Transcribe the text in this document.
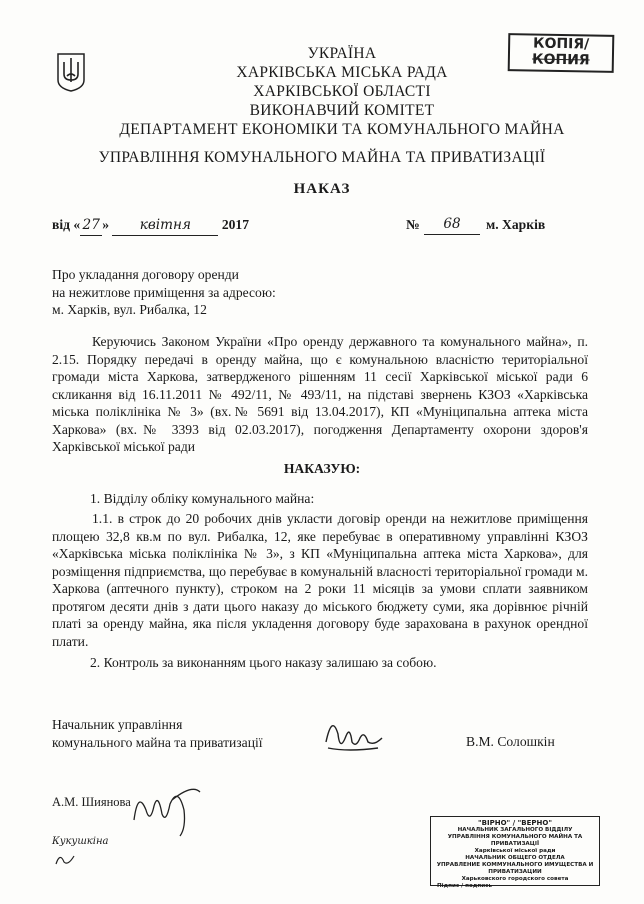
КОПІЯ/
КОПИЯ
УКРАЇНА
ХАРКІВСЬКА МІСЬКА РАДА
ХАРКІВСЬКОЇ ОБЛАСТІ
ВИКОНАВЧИЙ КОМІТЕТ
ДЕПАРТАМЕНТ ЕКОНОМІКИ ТА КОМУНАЛЬНОГО МАЙНА
УПРАВЛІННЯ КОМУНАЛЬНОГО МАЙНА ТА ПРИВАТИЗАЦІЇ
НАКАЗ
від « 27 » квітня 2017	№	68	м. Харків
Про укладання договору оренди
на нежитлове приміщення за адресою:
м. Харків, вул. Рибалка, 12
Керуючись Законом України «Про оренду державного та комунального майна», п. 2.15. Порядку передачі в оренду майна, що є комунальною власністю територіальної громади міста Харкова, затвердженого рішенням 11 сесії Харківської міської ради 6 скликання від 16.11.2011 № 492/11, № 493/11, на підставі звернень КЗОЗ «Харківська міська поліклініка № 3» (вх.№ 5691 від 13.04.2017), КП «Муніципальна аптека міста Харкова» (вх.№ 3393 від 02.03.2017), погодження Департаменту охорони здоров'я Харківської міської ради
НАКАЗУЮ:
1. Відділу обліку комунального майна:
1.1. в строк до 20 робочих днів укласти договір оренди на нежитлове приміщення площею 32,8 кв.м по вул. Рибалка, 12, яке перебуває в оперативному управлінні КЗОЗ «Харківська міська поліклініка № 3», з КП «Муніципальна аптека міста Харкова», для розміщення підприємства, що перебуває в комунальній власності територіальної громади м. Харкова (аптечного пункту), строком на 2 роки 11 місяців за умови сплати заявником протягом десяти днів з дати цього наказу до міського бюджету суми, яка дорівнює річній платі за оренду майна, яка після укладення договору буде зарахована в рахунок орендної плати.
2. Контроль за виконанням цього наказу залишаю за собою.
Начальник управління
комунального майна та приватизації	В.М. Солошкін
А.М. Шиянова
Кукушкіна
"ВІРНО" / "ВЕРНО"
НАЧАЛЬНИК ЗАГАЛЬНОГО ВІДДІЛУ
УПРАВЛІННЯ КОМУНАЛЬНОГО МАЙНА ТА ПРИВАТИЗАЦІЇ
Харківської міської ради
НАЧАЛЬНИК ОБЩЕГО ОТДЕЛА
УПРАВЛЕНИЕ КОММУНАЛЬНОГО ИМУЩЕСТВА И ПРИВАТИЗАЦИИ
Харьковского городского совета
Підпис / подпись
